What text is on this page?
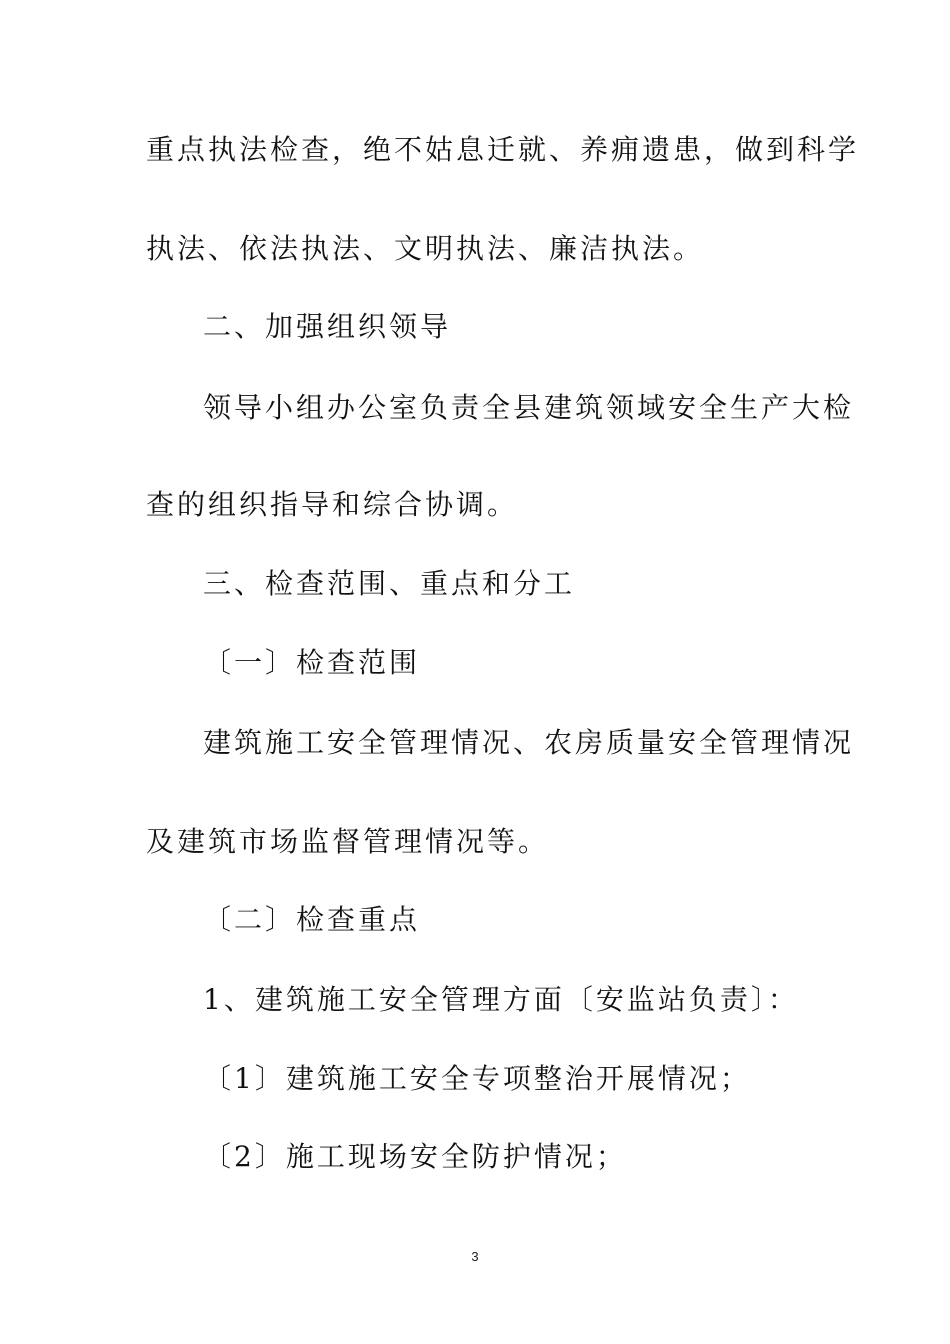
重点执法检查，绝不姑息迁就、养痈遗患，做到科学
执法、依法执法、文明执法、廉洁执法。
二、加强组织领导
领导小组办公室负责全县建筑领域安全生产大检
查的组织指导和综合协调。
三、检查范围、重点和分工
〔一〕检查范围
建筑施工安全管理情况、农房质量安全管理情况
及建筑市场监督管理情况等。
〔二〕检查重点
1、建筑施工安全管理方面〔安监站负责〕：
〔1〕建筑施工安全专项整治开展情况；
〔2〕施工现场安全防护情况；
3
